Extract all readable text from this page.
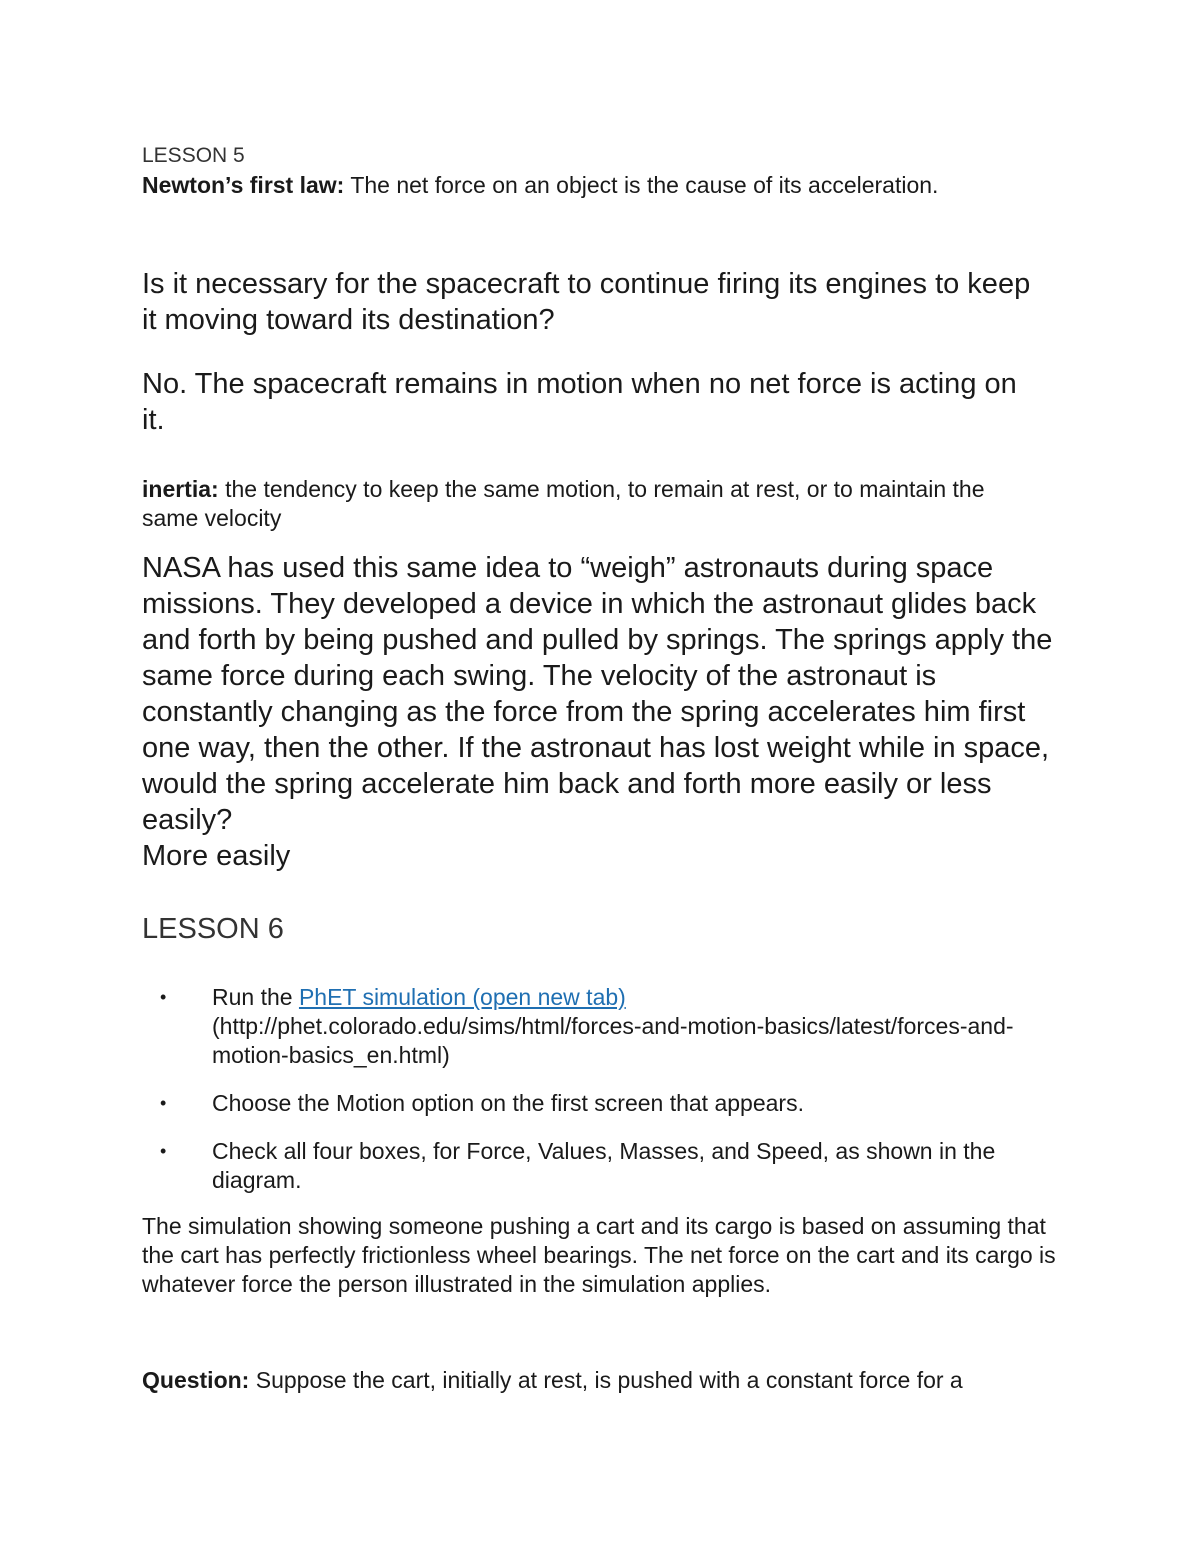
LESSON 5

Newton’s first law: The net force on an object is the cause of its acceleration.

Is it necessary for the spacecraft to continue firing its engines to keep it moving toward its destination?

No. The spacecraft remains in motion when no net force is acting on it.

inertia: the tendency to keep the same motion, to remain at rest, or to maintain the same velocity

NASA has used this same idea to “weigh” astronauts during space missions. They developed a device in which the astronaut glides back and forth by being pushed and pulled by springs. The springs apply the same force during each swing. The velocity of the astronaut is constantly changing as the force from the spring accelerates him first one way, then the other. If the astronaut has lost weight while in space, would the spring accelerate him back and forth more easily or less easily?
More easily

LESSON 6

• Run the PhET simulation (open new tab)
(http://phet.colorado.edu/sims/html/forces-and-motion-basics/latest/forces-and-motion-basics_en.html)
• Choose the Motion option on the first screen that appears.
• Check all four boxes, for Force, Values, Masses, and Speed, as shown in the diagram.

The simulation showing someone pushing a cart and its cargo is based on assuming that the cart has perfectly frictionless wheel bearings. The net force on the cart and its cargo is whatever force the person illustrated in the simulation applies.

Question: Suppose the cart, initially at rest, is pushed with a constant force for a
